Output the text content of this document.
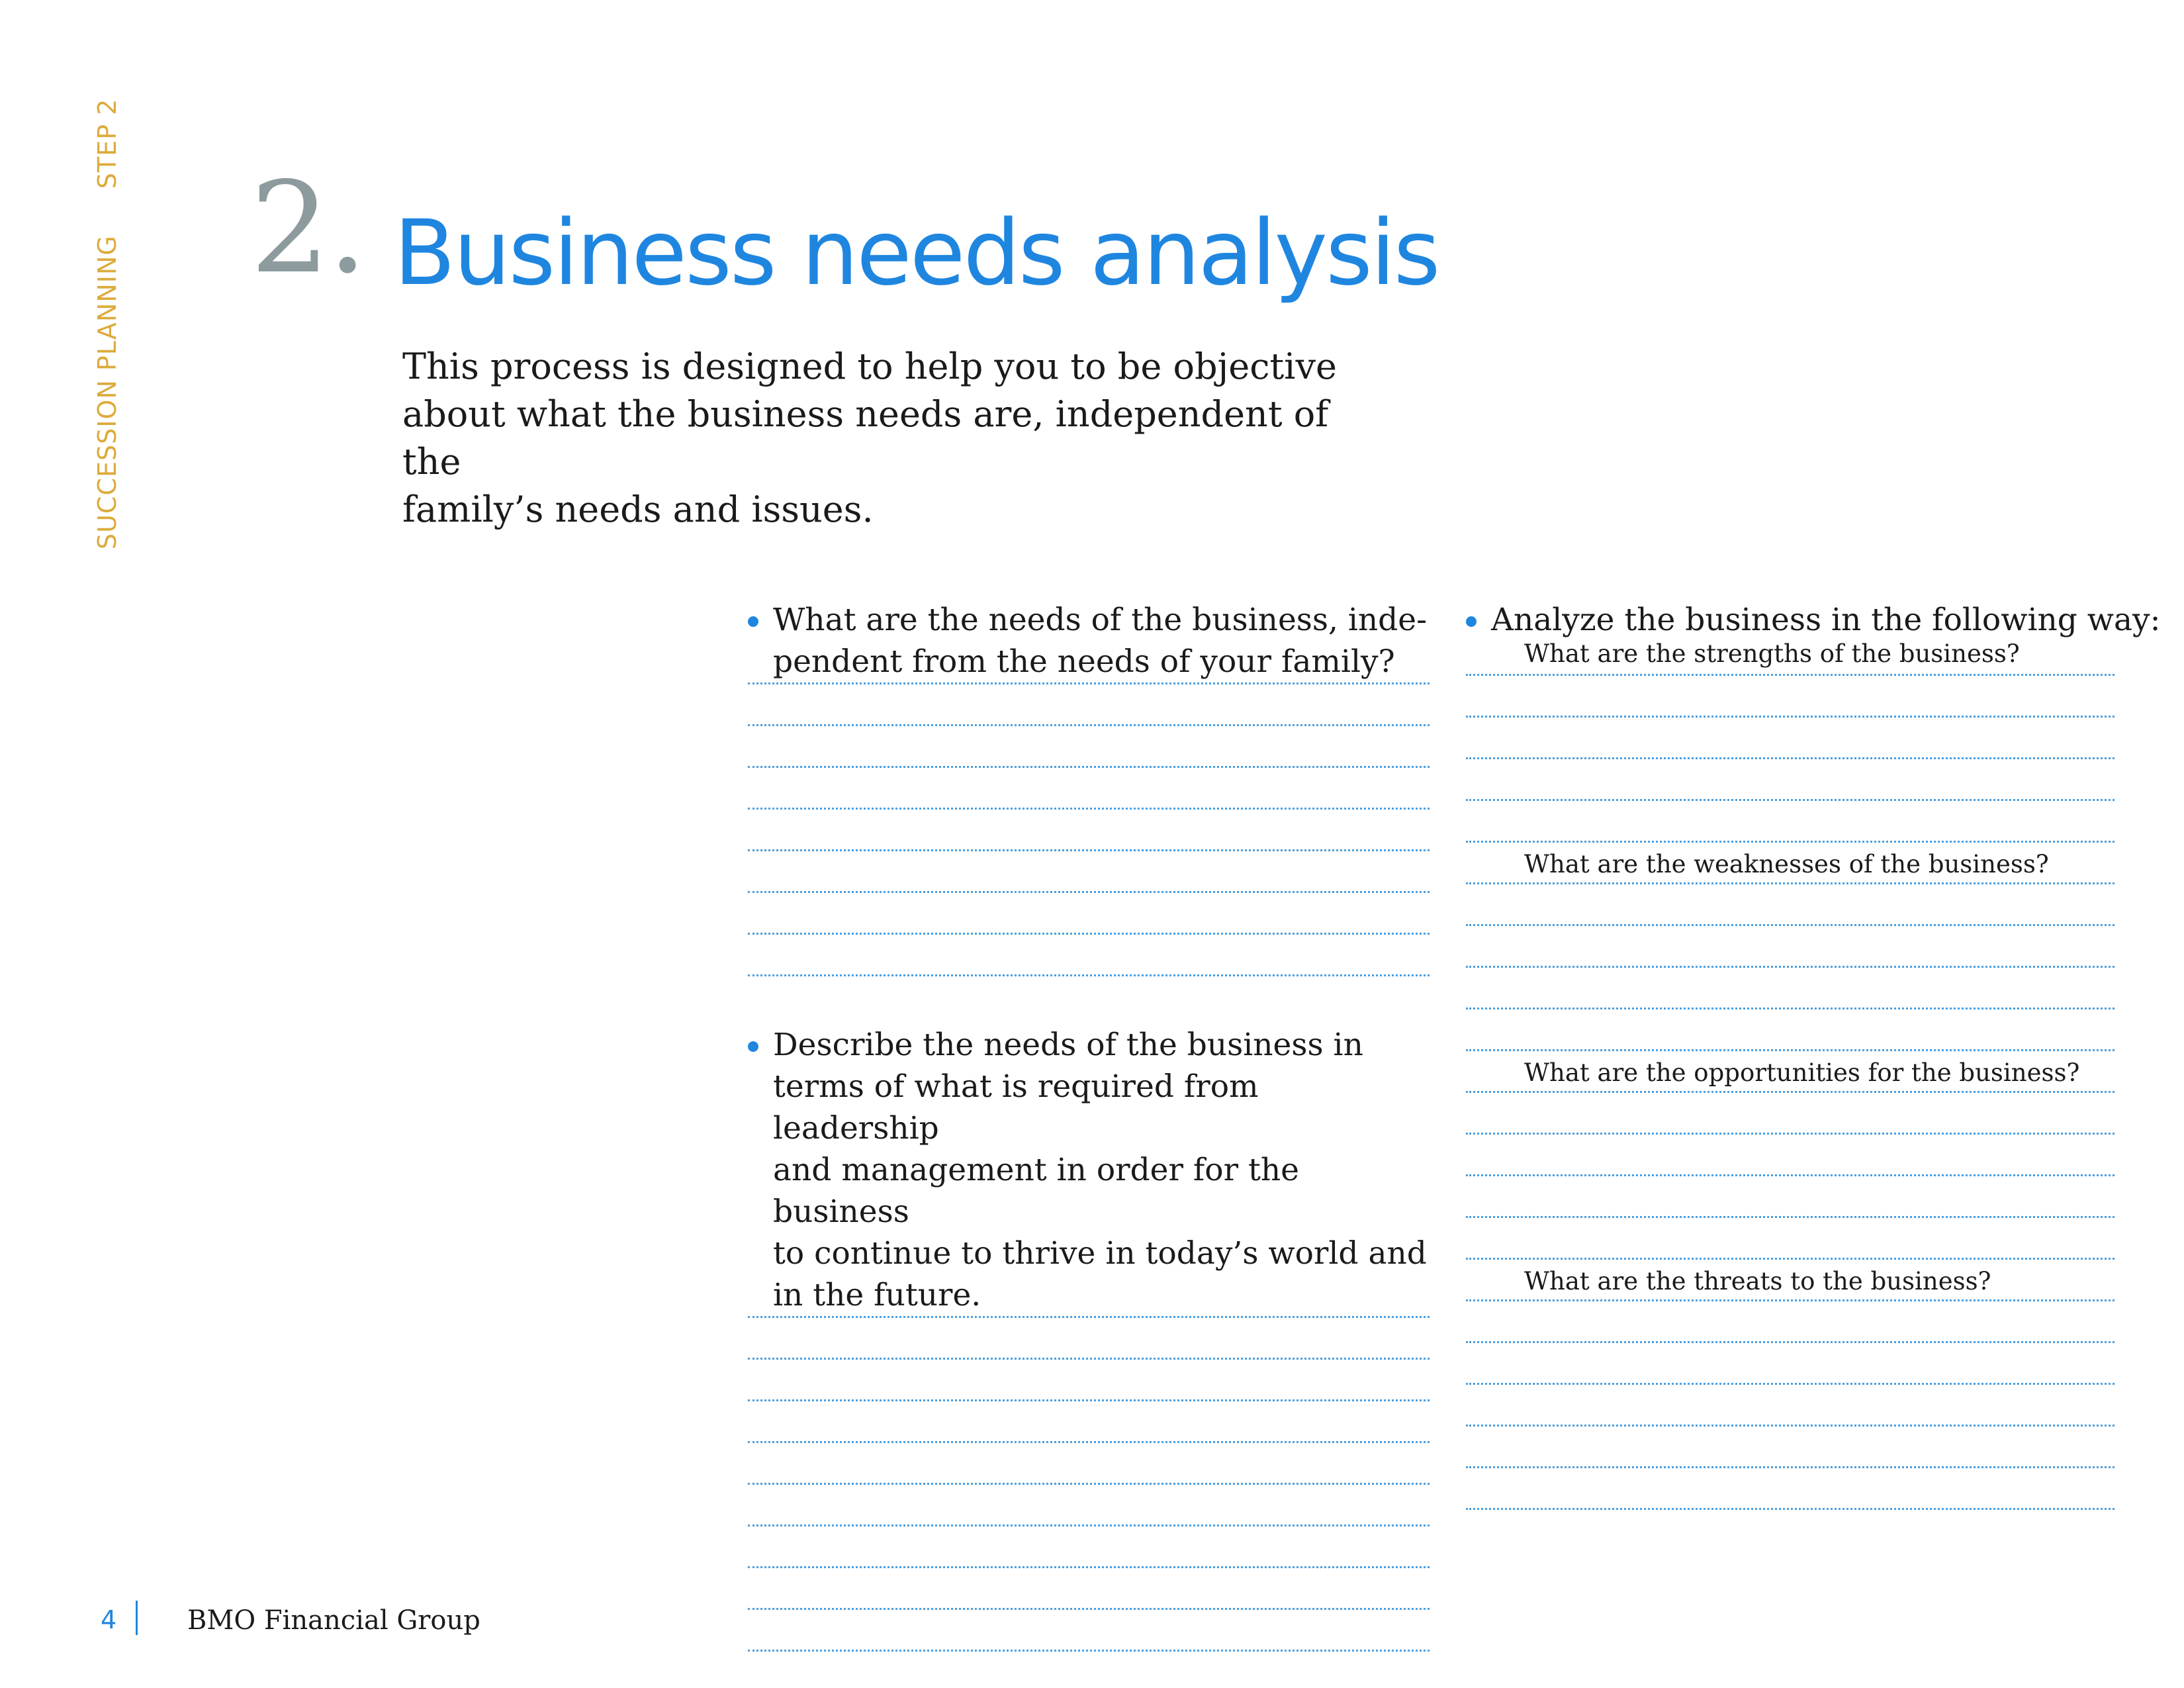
SUCCESSION PLANNINGSTEP 2
2. Business needs analysis
This process is designed to help you to be objective
about what the business needs are, independent of the
family’s needs and issues.
What are the needs of the business, inde-
pendent from the needs of your family?
Describe the needs of the business in
terms of what is required from leadership
and management in order for the business
to continue to thrive in today’s world and
in the future.
Analyze the business in the following way:
What are the strengths of the business?
What are the weaknesses of the business?
What are the opportunities for the business?
What are the threats to the business?
4	BMO Financial Group
